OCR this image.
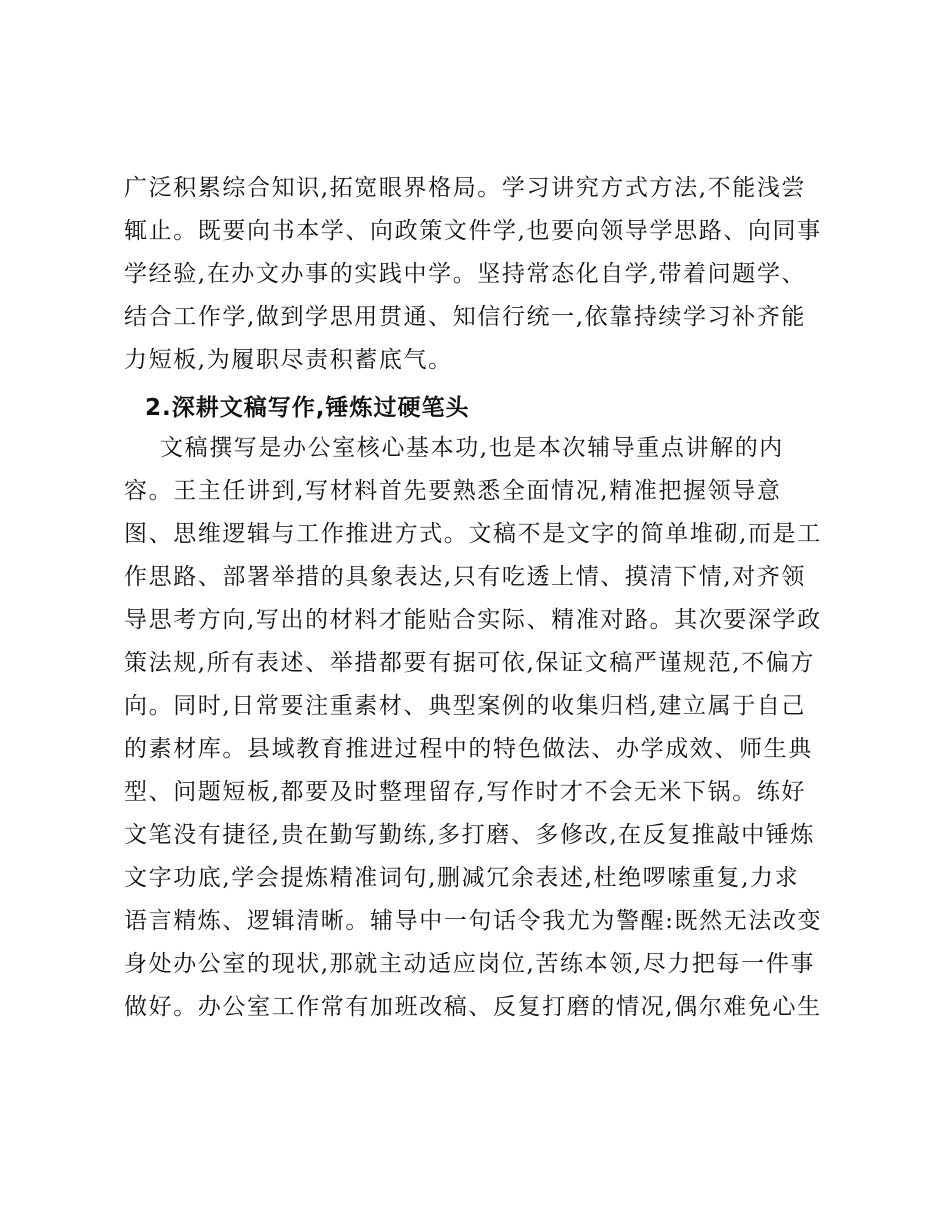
广泛积累综合知识,拓宽眼界格局。学习讲究方式方法,不能浅尝
辄止。既要向书本学、向政策文件学,也要向领导学思路、向同事
学经验,在办文办事的实践中学。坚持常态化自学,带着问题学、
结合工作学,做到学思用贯通、知信行统一,依靠持续学习补齐能
力短板,为履职尽责积蓄底气。
2.深耕文稿写作,锤炼过硬笔头
文稿撰写是办公室核心基本功,也是本次辅导重点讲解的内
容。王主任讲到,写材料首先要熟悉全面情况,精准把握领导意
图、思维逻辑与工作推进方式。文稿不是文字的简单堆砌,而是工
作思路、部署举措的具象表达,只有吃透上情、摸清下情,对齐领
导思考方向,写出的材料才能贴合实际、精准对路。其次要深学政
策法规,所有表述、举措都要有据可依,保证文稿严谨规范,不偏方
向。同时,日常要注重素材、典型案例的收集归档,建立属于自己
的素材库。县域教育推进过程中的特色做法、办学成效、师生典
型、问题短板,都要及时整理留存,写作时才不会无米下锅。练好
文笔没有捷径,贵在勤写勤练,多打磨、多修改,在反复推敲中锤炼
文字功底,学会提炼精准词句,删减冗余表述,杜绝啰嗦重复,力求
语言精炼、逻辑清晰。辅导中一句话令我尤为警醒:既然无法改变
身处办公室的现状,那就主动适应岗位,苦练本领,尽力把每一件事
做好。办公室工作常有加班改稿、反复打磨的情况,偶尔难免心生
